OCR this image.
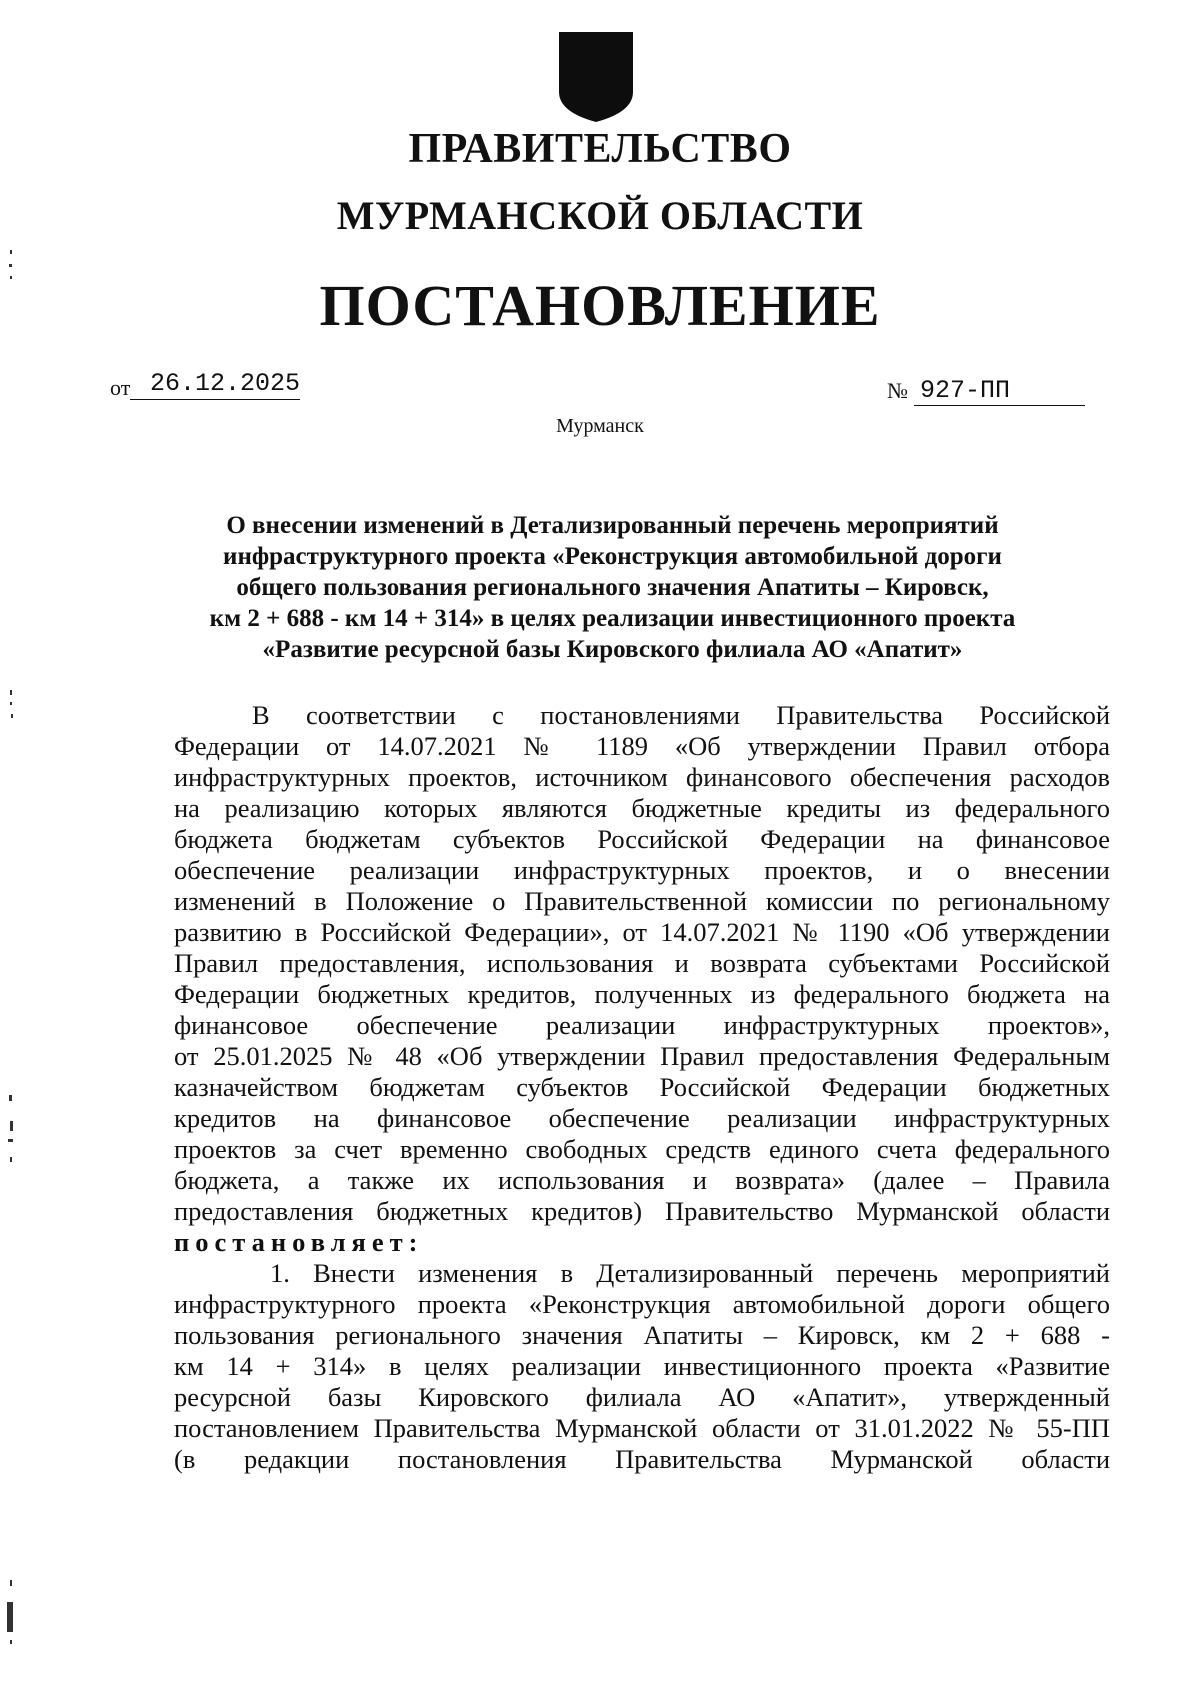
ПРАВИТЕЛЬСТВО
МУРМАНСКОЙ ОБЛАСТИ
ПОСТАНОВЛЕНИЕ
от 26.12.2025	№ 927-ПП
Мурманск
О внесении изменений в Детализированный перечень мероприятий
инфраструктурного проекта «Реконструкция автомобильной дороги
общего пользования регионального значения Апатиты – Кировск,
км 2 + 688 - км 14 + 314» в целях реализации инвестиционного проекта
«Развитие ресурсной базы Кировского филиала АО «Апатит»
В соответствии с постановлениями Правительства Российской
Федерации от 14.07.2021 № 1189 «Об утверждении Правил отбора
инфраструктурных проектов, источником финансового обеспечения расходов
на реализацию которых являются бюджетные кредиты из федерального
бюджета бюджетам субъектов Российской Федерации на финансовое
обеспечение реализации инфраструктурных проектов, и о внесении
изменений в Положение о Правительственной комиссии по региональному
развитию в Российской Федерации», от 14.07.2021 № 1190 «Об утверждении
Правил предоставления, использования и возврата субъектами Российской
Федерации бюджетных кредитов, полученных из федерального бюджета на
финансовое обеспечение реализации инфраструктурных проектов»,
от 25.01.2025 № 48 «Об утверждении Правил предоставления Федеральным
казначейством бюджетам субъектов Российской Федерации бюджетных
кредитов на финансовое обеспечение реализации инфраструктурных
проектов за счет временно свободных средств единого счета федерального
бюджета, а также их использования и возврата» (далее – Правила
предоставления бюджетных кредитов) Правительство Мурманской области
постановляет:
1. Внести изменения в Детализированный перечень мероприятий
инфраструктурного проекта «Реконструкция автомобильной дороги общего
пользования регионального значения Апатиты – Кировск, км 2 + 688 -
км 14 + 314» в целях реализации инвестиционного проекта «Развитие
ресурсной базы Кировского филиала АО «Апатит», утвержденный
постановлением Правительства Мурманской области от 31.01.2022 № 55-ПП
(в редакции постановления Правительства Мурманской области
